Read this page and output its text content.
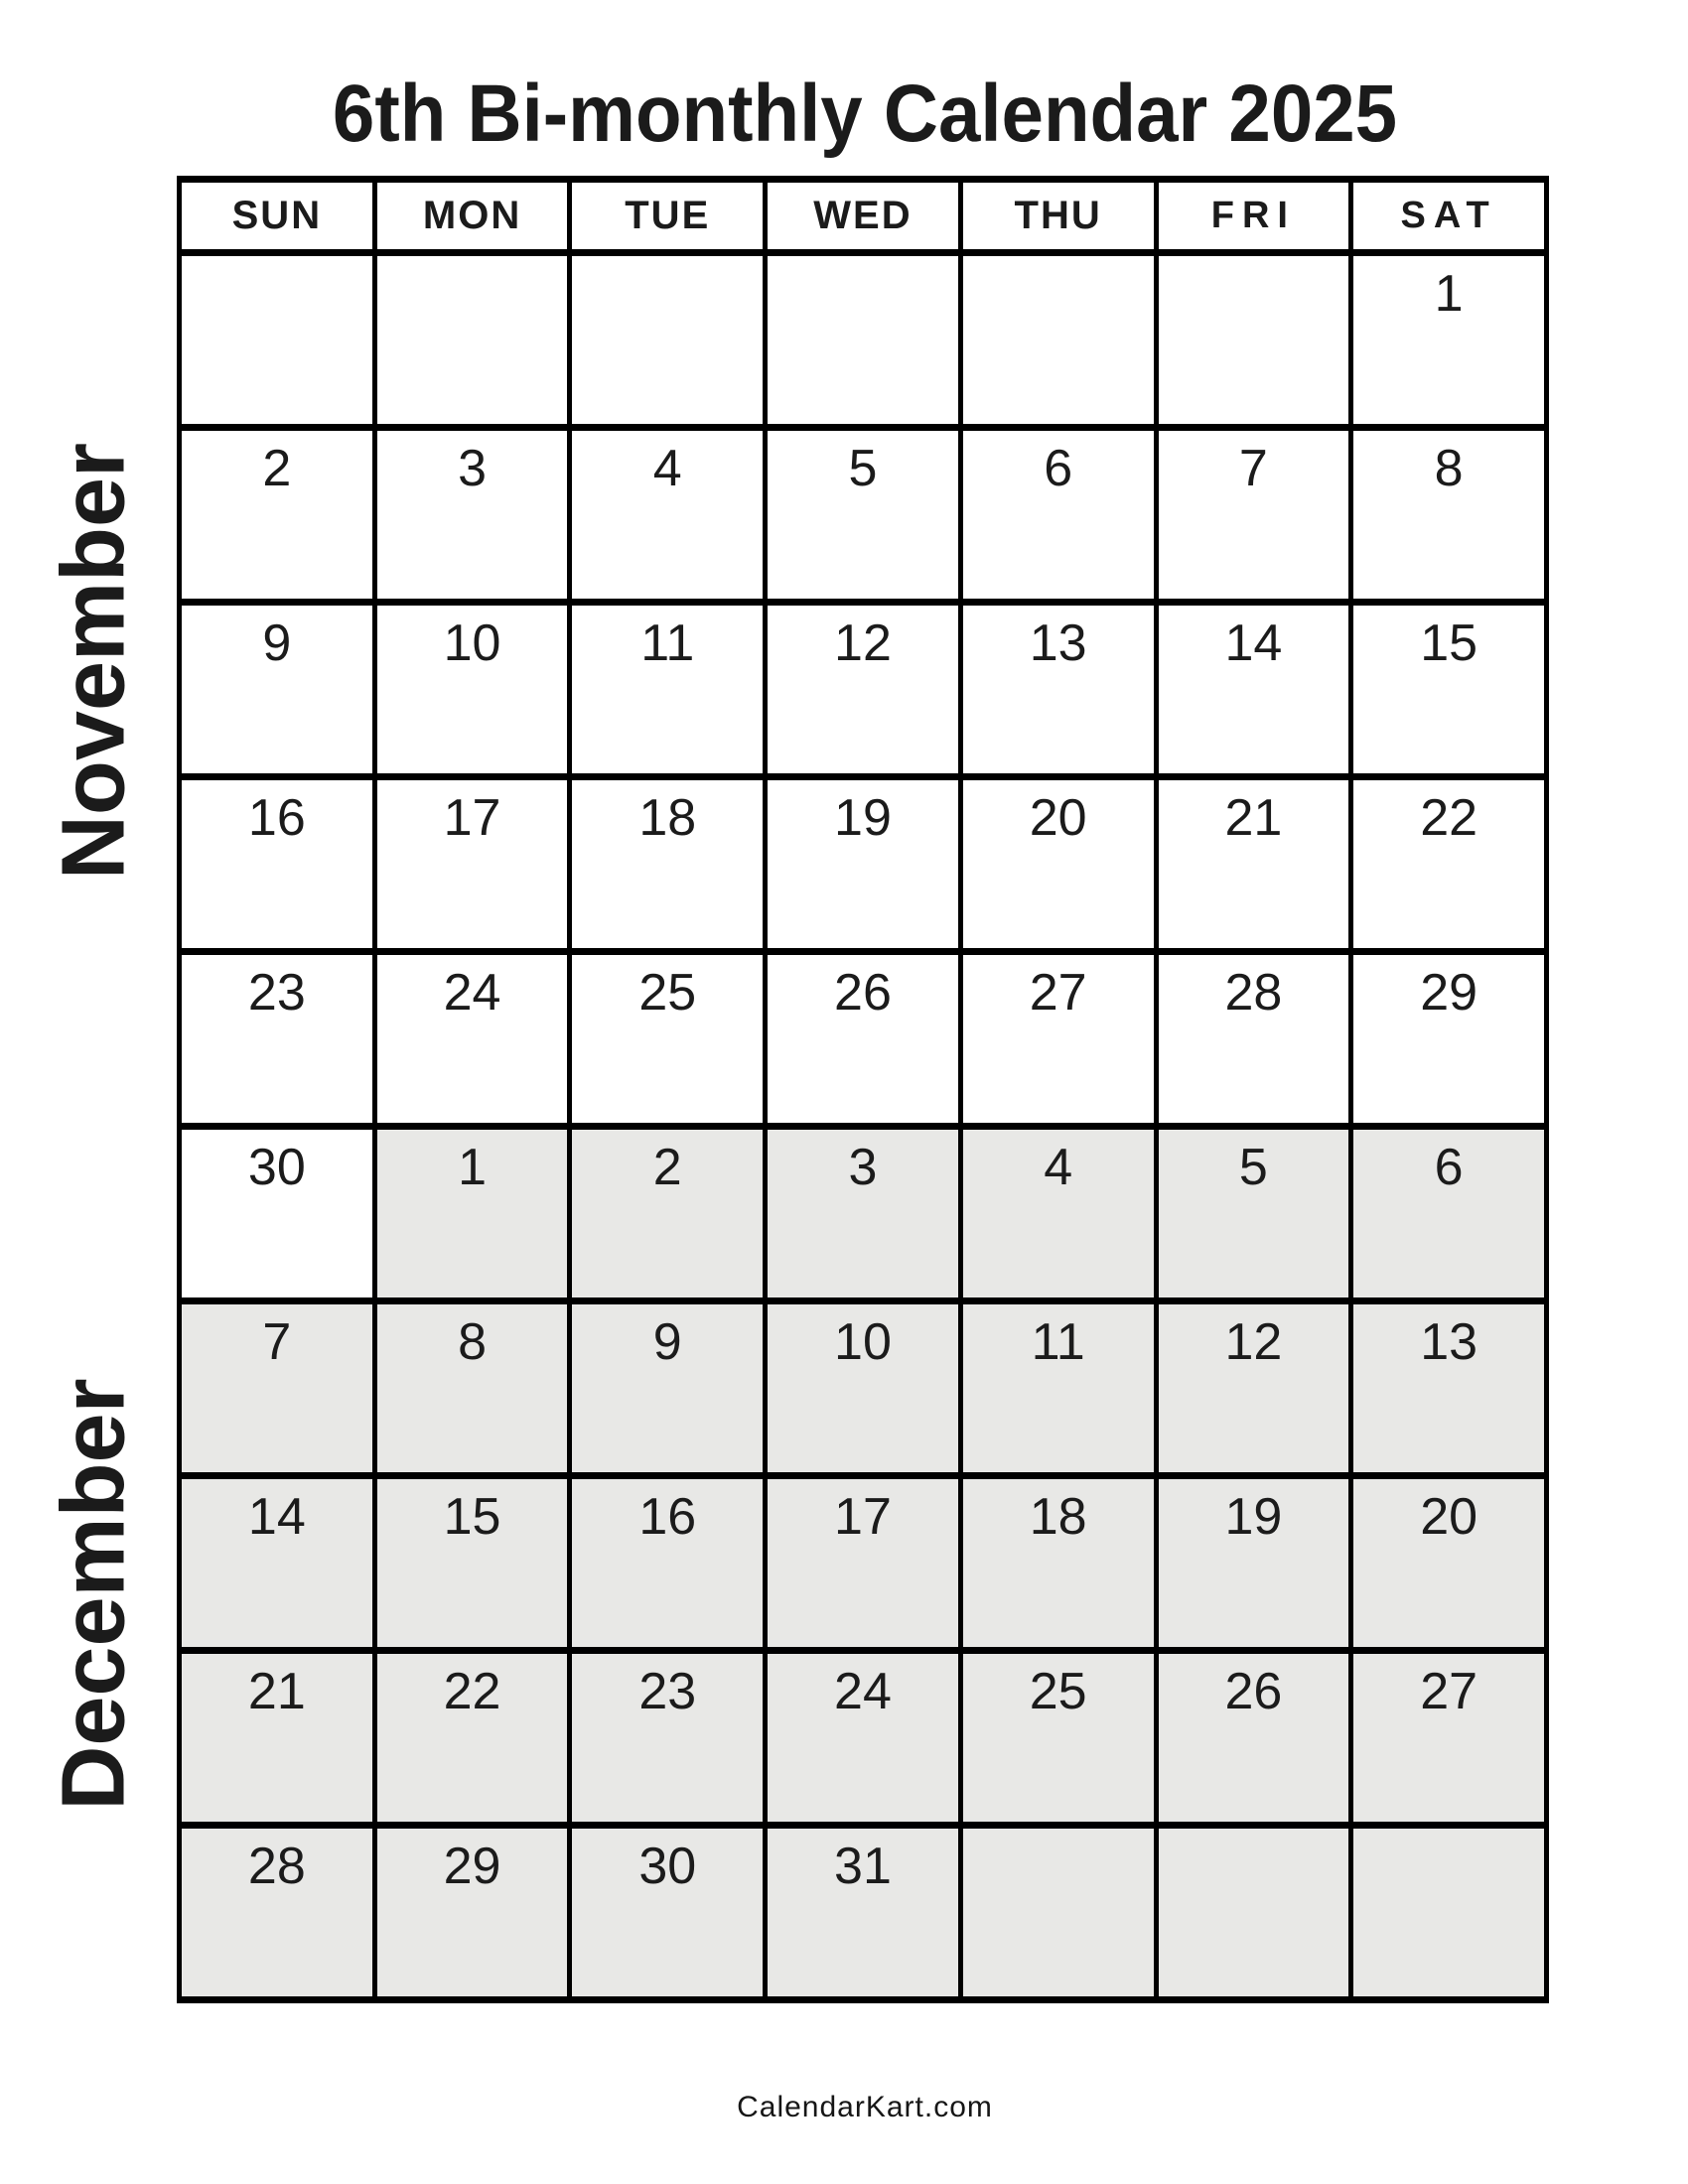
6th Bi-monthly Calendar 2025
November
December
SUN	MON	TUE	WED	THU	FRI	SAT
						1
2	3	4	5	6	7	8
9	10	11	12	13	14	15
16	17	18	19	20	21	22
23	24	25	26	27	28	29
30	1	2	3	4	5	6
7	8	9	10	11	12	13
14	15	16	17	18	19	20
21	22	23	24	25	26	27
28	29	30	31			
CalendarKart.com
